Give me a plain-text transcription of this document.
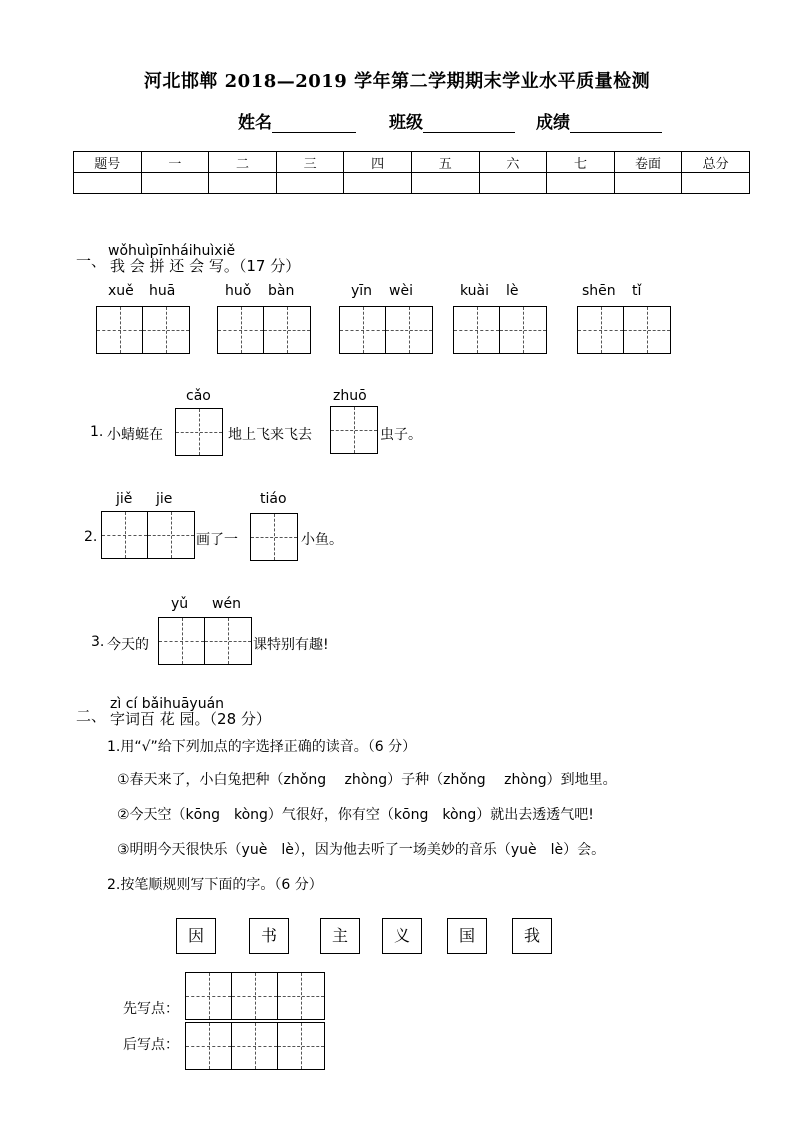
河北邯郸 2018—2019 学年第二学期期末学业水平质量检测
姓名	班级	成绩
题号	一	二	三	四	五	六	七	卷面	总分

一、
wǒhuìpīnháihuìxiě
我 会 拼 还 会 写。（17 分）
xuě huā	huǒ bàn	yīn wèi	kuài lè	shēn tǐ
cǎo	zhuō
1. 小蜻蜓在	地上飞来飞去	虫子。
jiě jie	tiáo
2.	画了一	小鱼。
yǔ wén
3. 今天的	课特别有趣!
二、
zì cí bǎihuāyuán
字词百 花 园。（28 分）
1.用“√”给下列加点的字选择正确的读音。（6 分）
①春天来了，小白兔把种（zhǒng　 zhòng）子种（zhǒng　 zhòng）到地里。
②今天空（kōng　kòng）气很好，你有空（kōng　kòng）就出去透透气吧!
③明明今天很快乐（yuè　lè），因为他去听了一场美妙的音乐（yuè　lè）会。
2.按笔顺规则写下面的字。（6 分）
因	书	主	义	国	我
先写点：
后写点：
